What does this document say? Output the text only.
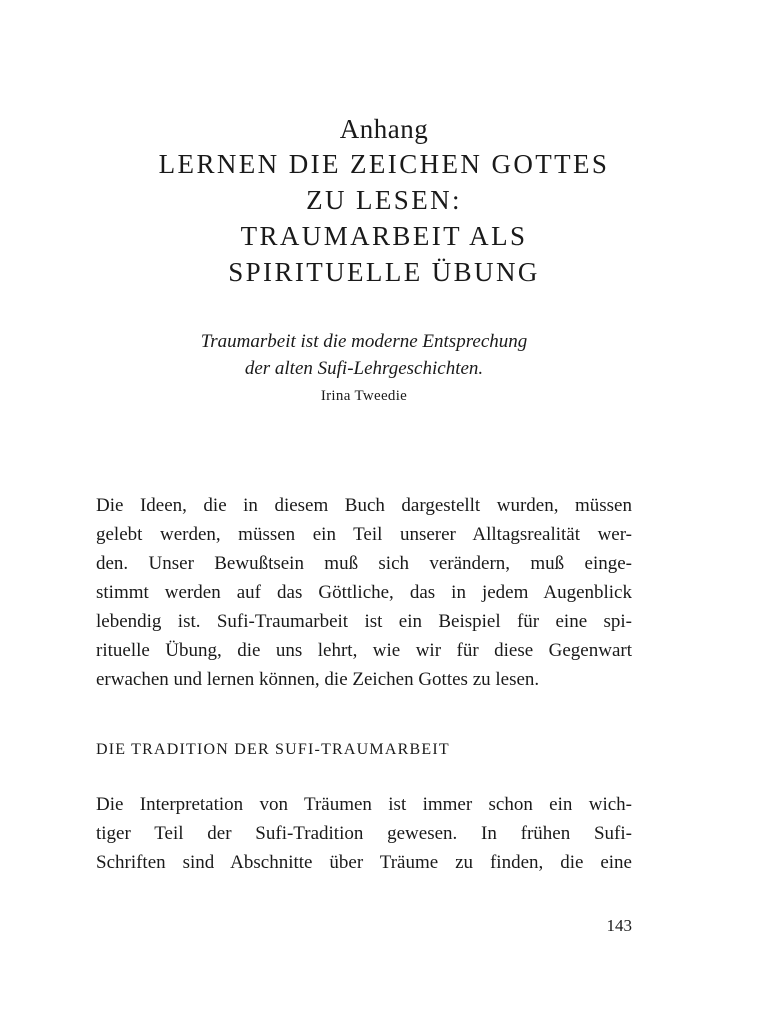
Anhang
LERNEN DIE ZEICHEN GOTTES
ZU LESEN:
TRAUMARBEIT ALS
SPIRITUELLE ÜBUNG
Traumarbeit ist die moderne Entsprechung
der alten Sufi-Lehrgeschichten.
Irina Tweedie

Die Ideen, die in diesem Buch dargestellt wurden, müssen
gelebt werden, müssen ein Teil unserer Alltagsrealität wer-
den. Unser Bewußtsein muß sich verändern, muß einge-
stimmt werden auf das Göttliche, das in jedem Augenblick
lebendig ist. Sufi-Traumarbeit ist ein Beispiel für eine spi-
rituelle Übung, die uns lehrt, wie wir für diese Gegenwart
erwachen und lernen können, die Zeichen Gottes zu lesen.

DIE TRADITION DER SUFI-TRAUMARBEIT

Die Interpretation von Träumen ist immer schon ein wich-
tiger Teil der Sufi-Tradition gewesen. In frühen Sufi-
Schriften sind Abschnitte über Träume zu finden, die eine

143
